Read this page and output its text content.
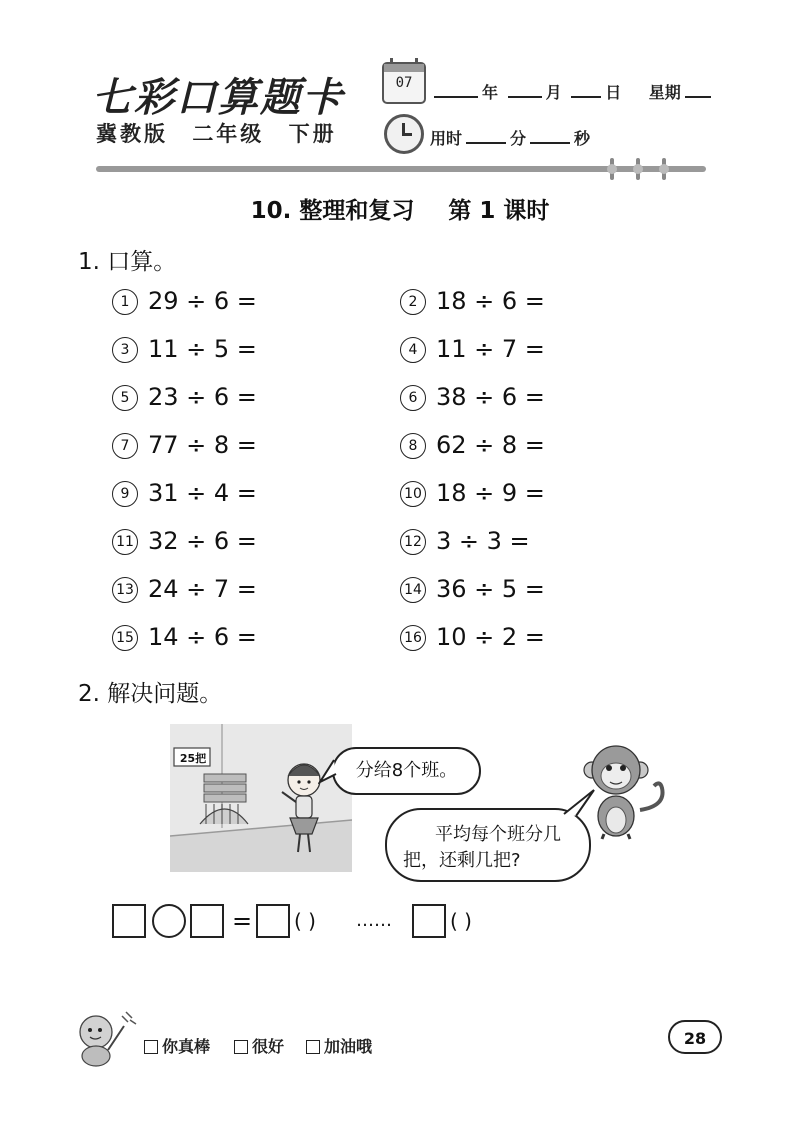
七彩口算题卡
冀教版 二年级 下册
07	年	月	日 星期
用时	分	秒
10. 整理和复习 第 1 课时
1. 口算。
1 29 ÷ 6 =	2 18 ÷ 6 =
3 11 ÷ 5 =	4 11 ÷ 7 =
5 23 ÷ 6 =	6 38 ÷ 6 =
7 77 ÷ 8 =	8 62 ÷ 8 =
9 31 ÷ 4 =	10 18 ÷ 9 =
11 32 ÷ 6 =	12 3 ÷ 3 =
13 24 ÷ 7 =	14 36 ÷ 5 =
15 14 ÷ 6 =	16 10 ÷ 2 =
2. 解决问题。
25把
分给8个班。
平均每个班分几
把，还剩几把?
= ( ) ……	( )
你真棒	很好	加油哦	28
